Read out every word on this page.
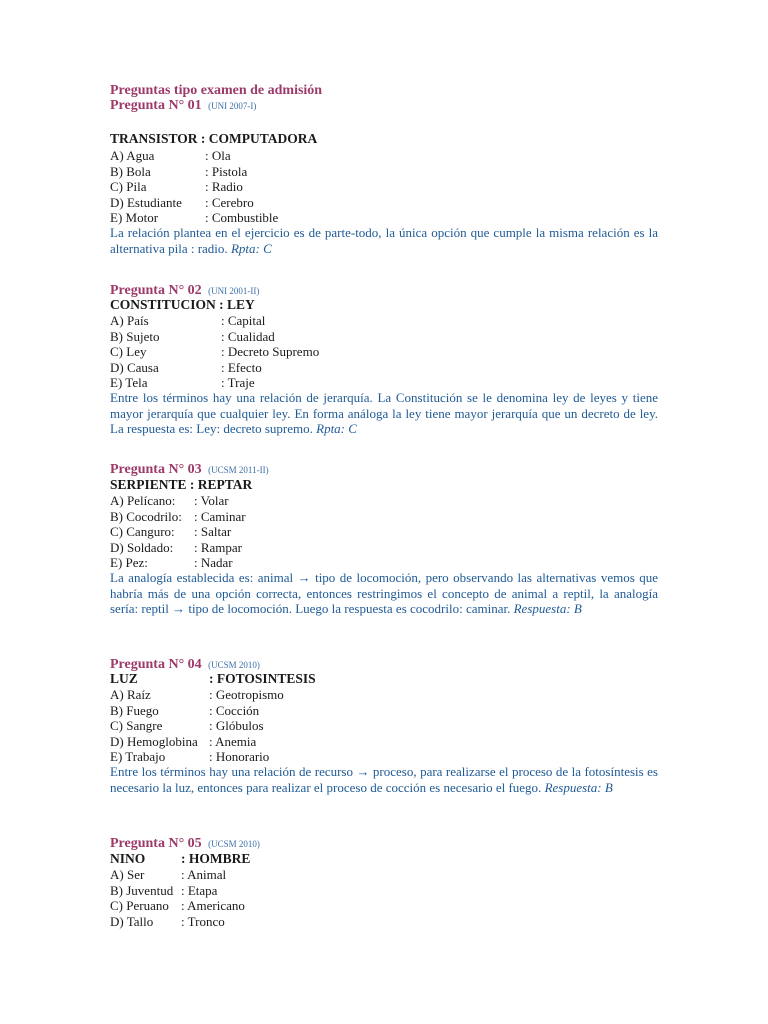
Preguntas tipo examen de admisión
Pregunta N° 01 (UNI 2007-I)
TRANSISTOR : COMPUTADORA
A) Agua	: Ola
B) Bola	: Pistola
C) Pila	: Radio
D) Estudiante	: Cerebro
E) Motor	: Combustible
La relación plantea en el ejercicio es de parte-todo, la única opción que cumple la misma relación es la alternativa pila : radio. Rpta: C
Pregunta N° 02 (UNI 2001-II)
CONSTITUCION : LEY
A) País	: Capital
B) Sujeto	: Cualidad
C) Ley	: Decreto Supremo
D) Causa	: Efecto
E) Tela	: Traje
Entre los términos hay una relación de jerarquía. La Constitución se le denomina ley de leyes y tiene mayor jerarquía que cualquier ley. En forma análoga la ley tiene mayor jerarquía que un decreto de ley. La respuesta es: Ley: decreto supremo. Rpta: C
Pregunta N° 03 (UCSM 2011-II)
SERPIENTE : REPTAR
A) Pelícano:	: Volar
B) Cocodrilo: : Caminar
C) Canguro:	: Saltar
D) Soldado:	: Rampar
E) Pez:	: Nadar
La analogía establecida es: animal → tipo de locomoción, pero observando las alternativas vemos que habría más de una opción correcta, entonces restringimos el concepto de animal a reptil, la analogía sería: reptil → tipo de locomoción. Luego la respuesta es cocodrilo: caminar. Respuesta: B
Pregunta N° 04 (UCSM 2010)
LUZ	: FOTOSINTESIS
A) Raíz	: Geotropismo
B) Fuego	: Cocción
C) Sangre	: Glóbulos
D) Hemoglobina : Anemia
E) Trabajo	: Honorario
Entre los términos hay una relación de recurso → proceso, para realizarse el proceso de la fotosíntesis es necesario la luz, entonces para realizar el proceso de cocción es necesario el fuego. Respuesta: B
Pregunta N° 05 (UCSM 2010)
NINO	: HOMBRE
A) Ser	: Animal
B) Juventud : Etapa
C) Peruano : Americano
D) Tallo	: Tronco
